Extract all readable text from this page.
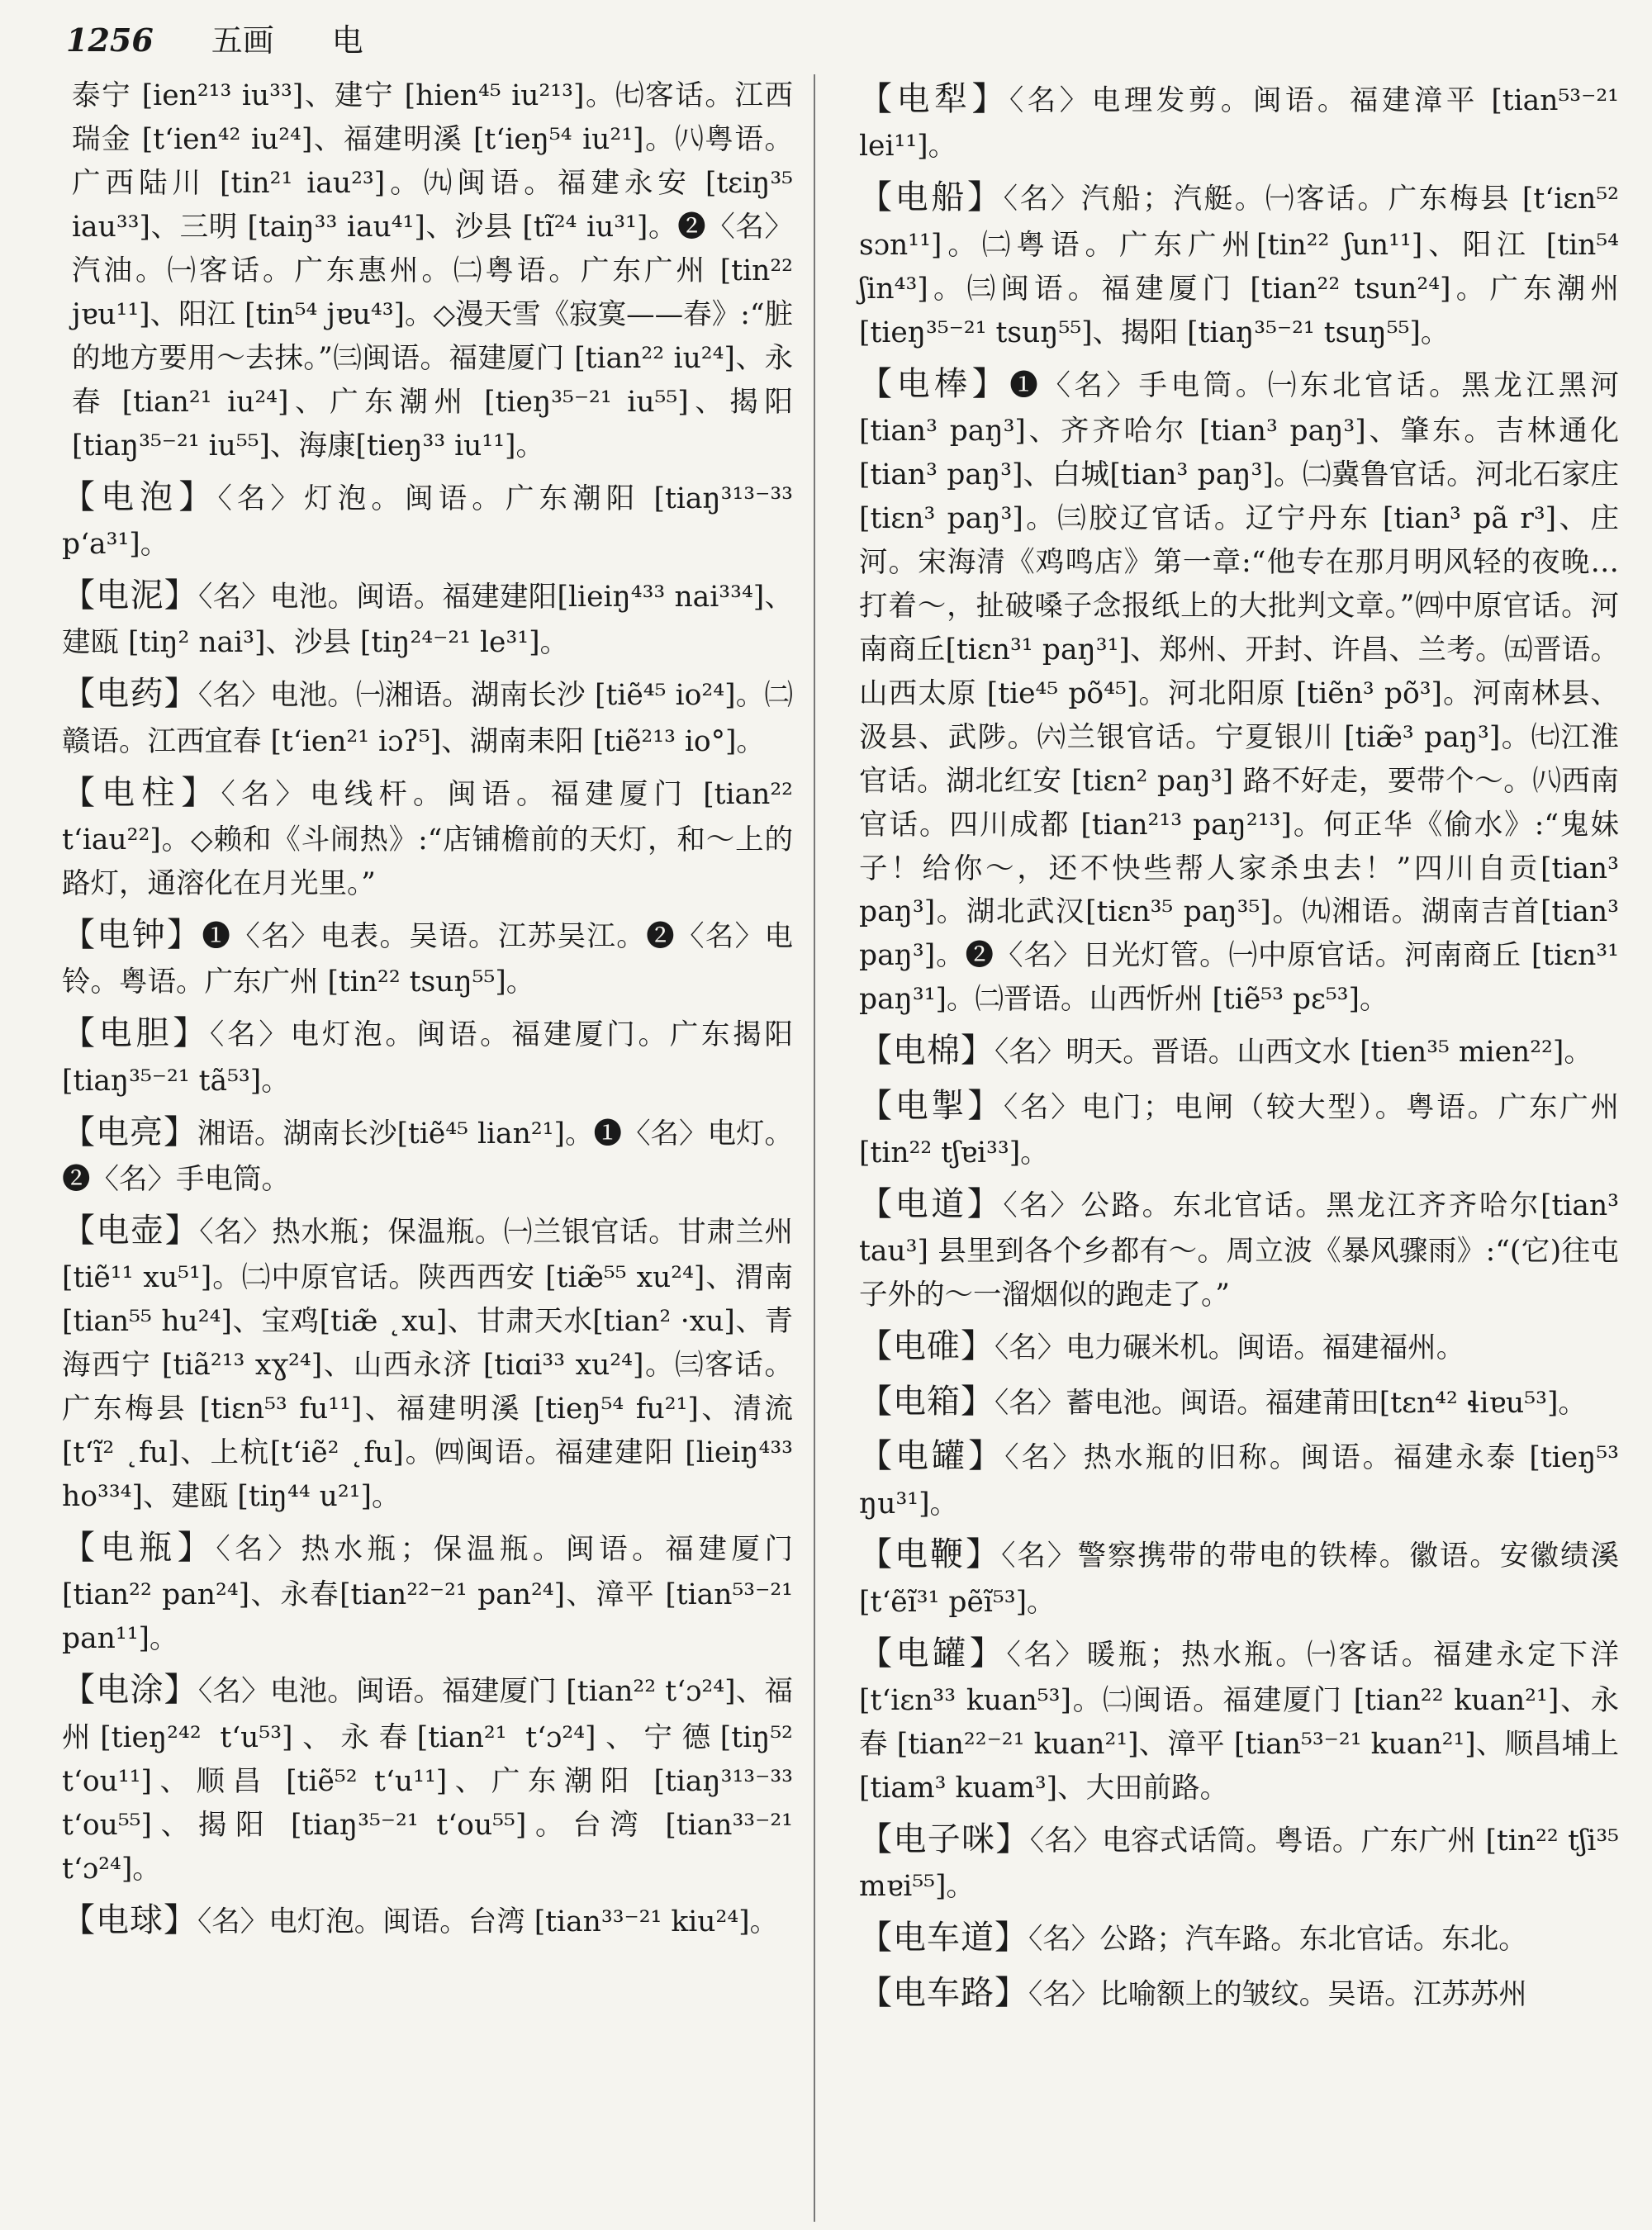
1256 五画 电

泰宁 [ien²¹³ iu³³]、建宁 [hien⁴⁵ iu²¹³]。㈦客话。江西瑞金 [tʻien⁴² iu²⁴]、福建明溪 [tʻieŋ⁵⁴ iu²¹]。㈧粤语。广西陆川 [tin²¹ iau²³]。㈨闽语。福建永安 [tɛiŋ³⁵ iau³³]、三明 [taiŋ³³ iau⁴¹]、沙县 [tĩ²⁴ iu³¹]。❷〈名〉汽油。㈠客话。广东惠州。㈡粤语。广东广州 [tin²² jɐu¹¹]、阳江 [tin⁵⁴ jɐu⁴³]。◇漫天雪《寂寞——春》:“脏的地方要用～去抹。”㈢闽语。福建厦门 [tian²² iu²⁴]、永春 [tian²¹ iu²⁴]、广东潮州 [tieŋ³⁵⁻²¹ iu⁵⁵]、揭阳 [tiaŋ³⁵⁻²¹ iu⁵⁵]、海康[tieŋ³³ iu¹¹]。

【电泡】〈名〉灯泡。闽语。广东潮阳 [tiaŋ³¹³⁻³³ pʻa³¹]。

【电泥】〈名〉电池。闽语。福建建阳[lieiŋ⁴³³ nai³³⁴]、建瓯 [tiŋ² nai³]、沙县 [tiŋ²⁴⁻²¹ le³¹]。

【电药】〈名〉电池。㈠湘语。湖南长沙 [tiẽ⁴⁵ io²⁴]。㈡赣语。江西宜春 [tʻien²¹ iɔʔ⁵]、湖南耒阳 [tiẽ²¹³ io°]。

【电柱】〈名〉电线杆。闽语。福建厦门 [tian²² tʻiau²²]。◇赖和《斗闹热》:“店铺檐前的天灯，和～上的路灯，通溶化在月光里。”

【电钟】❶〈名〉电表。吴语。江苏吴江。❷〈名〉电铃。粤语。广东广州 [tin²² tsuŋ⁵⁵]。

【电胆】〈名〉电灯泡。闽语。福建厦门。广东揭阳 [tiaŋ³⁵⁻²¹ tã⁵³]。

【电亮】湘语。湖南长沙[tiẽ⁴⁵ lian²¹]。❶〈名〉电灯。❷〈名〉手电筒。

【电壶】〈名〉热水瓶；保温瓶。㈠兰银官话。甘肃兰州 [tiẽ¹¹ xu⁵¹]。㈡中原官话。陕西西安 [tiæ̃⁵⁵ xu²⁴]、渭南 [tian⁵⁵ hu²⁴]、宝鸡[tiæ̃ ˛xu]、甘肃天水[tian² ·xu]、青海西宁 [tiã²¹³ xɣ²⁴]、山西永济 [tiɑi³³ xu²⁴]。㈢客话。广东梅县 [tiɛn⁵³ fu¹¹]、福建明溪 [tieŋ⁵⁴ fu²¹]、清流[tʻĩ² ˛fu]、上杭[tʻiẽ² ˛fu]。㈣闽语。福建建阳 [lieiŋ⁴³³ ho³³⁴]、建瓯 [tiŋ⁴⁴ u²¹]。

【电瓶】〈名〉热水瓶；保温瓶。闽语。福建厦门 [tian²² pan²⁴]、永春[tian²²⁻²¹ pan²⁴]、漳平 [tian⁵³⁻²¹ pan¹¹]。

【电涂】〈名〉电池。闽语。福建厦门 [tian²² tʻɔ²⁴]、福州[tieŋ²⁴² tʻu⁵³]、永春[tian²¹ tʻɔ²⁴]、宁德[tiŋ⁵² tʻou¹¹]、顺昌 [tiẽ⁵² tʻu¹¹]、广东潮阳 [tiaŋ³¹³⁻³³ tʻou⁵⁵]、揭阳 [tiaŋ³⁵⁻²¹ tʻou⁵⁵]。台湾 [tian³³⁻²¹ tʻɔ²⁴]。

【电球】〈名〉电灯泡。闽语。台湾 [tian³³⁻²¹ kiu²⁴]。

【电犁】〈名〉电理发剪。闽语。福建漳平 [tian⁵³⁻²¹ lei¹¹]。

【电船】〈名〉汽船；汽艇。㈠客话。广东梅县 [tʻiɛn⁵² sɔn¹¹]。㈡粤语。广东广州[tin²² ʃun¹¹]、阳江 [tin⁵⁴ ʃin⁴³]。㈢闽语。福建厦门 [tian²² tsun²⁴]。广东潮州 [tieŋ³⁵⁻²¹ tsuŋ⁵⁵]、揭阳 [tiaŋ³⁵⁻²¹ tsuŋ⁵⁵]。

【电棒】❶〈名〉手电筒。㈠东北官话。黑龙江黑河 [tian³ paŋ³]、齐齐哈尔 [tian³ paŋ³]、肇东。吉林通化 [tian³ paŋ³]、白城[tian³ paŋ³]。㈡冀鲁官话。河北石家庄 [tiɛn³ paŋ³]。㈢胶辽官话。辽宁丹东 [tian³ pã r³]、庄河。宋海清《鸡鸣店》第一章:“他专在那月明风轻的夜晚…打着～，扯破嗓子念报纸上的大批判文章。”㈣中原官话。河南商丘[tiɛn³¹ paŋ³¹]、郑州、开封、许昌、兰考。㈤晋语。山西太原 [tie⁴⁵ põ⁴⁵]。河北阳原 [tiẽn³ põ³]。河南林县、汲县、武陟。㈥兰银官话。宁夏银川 [tiæ̃³ paŋ³]。㈦江淮官话。湖北红安 [tiɛn² paŋ³] 路不好走，要带个～。㈧西南官话。四川成都 [tian²¹³ paŋ²¹³]。何正华《偷水》:“鬼妹子！给你～，还不快些帮人家杀虫去！”四川自贡[tian³ paŋ³]。湖北武汉[tiɛn³⁵ paŋ³⁵]。㈨湘语。湖南吉首[tian³ paŋ³]。❷〈名〉日光灯管。㈠中原官话。河南商丘 [tiɛn³¹ paŋ³¹]。㈡晋语。山西忻州 [tiẽ⁵³ pɛ⁵³]。

【电棉】〈名〉明天。晋语。山西文水 [tien³⁵ mien²²]。

【电掣】〈名〉电门；电闸（较大型）。粤语。广东广州 [tin²² tʃɐi³³]。

【电道】〈名〉公路。东北官话。黑龙江齐齐哈尔[tian³ tau³] 县里到各个乡都有～。周立波《暴风骤雨》:“(它)往屯子外的～一溜烟似的跑走了。”

【电碓】〈名〉电力碾米机。闽语。福建福州。

【电箱】〈名〉蓄电池。闽语。福建莆田[tɛn⁴² ɬiɐu⁵³]。

【电罐】〈名〉热水瓶的旧称。闽语。福建永泰 [tieŋ⁵³ ŋu³¹]。

【电鞭】〈名〉警察携带的带电的铁棒。徽语。安徽绩溪 [tʻẽĩ³¹ pẽĩ⁵³]。

【电罐】〈名〉暖瓶；热水瓶。㈠客话。福建永定下洋 [tʻiɛn³³ kuan⁵³]。㈡闽语。福建厦门 [tian²² kuan²¹]、永春 [tian²²⁻²¹ kuan²¹]、漳平 [tian⁵³⁻²¹ kuan²¹]、顺昌埔上 [tiam³ kuam³]、大田前路。

【电子咪】〈名〉电容式话筒。粤语。广东广州 [tin²² tʃi³⁵ mɐi⁵⁵]。

【电车道】〈名〉公路；汽车路。东北官话。东北。

【电车路】〈名〉比喻额上的皱纹。吴语。江苏苏州
